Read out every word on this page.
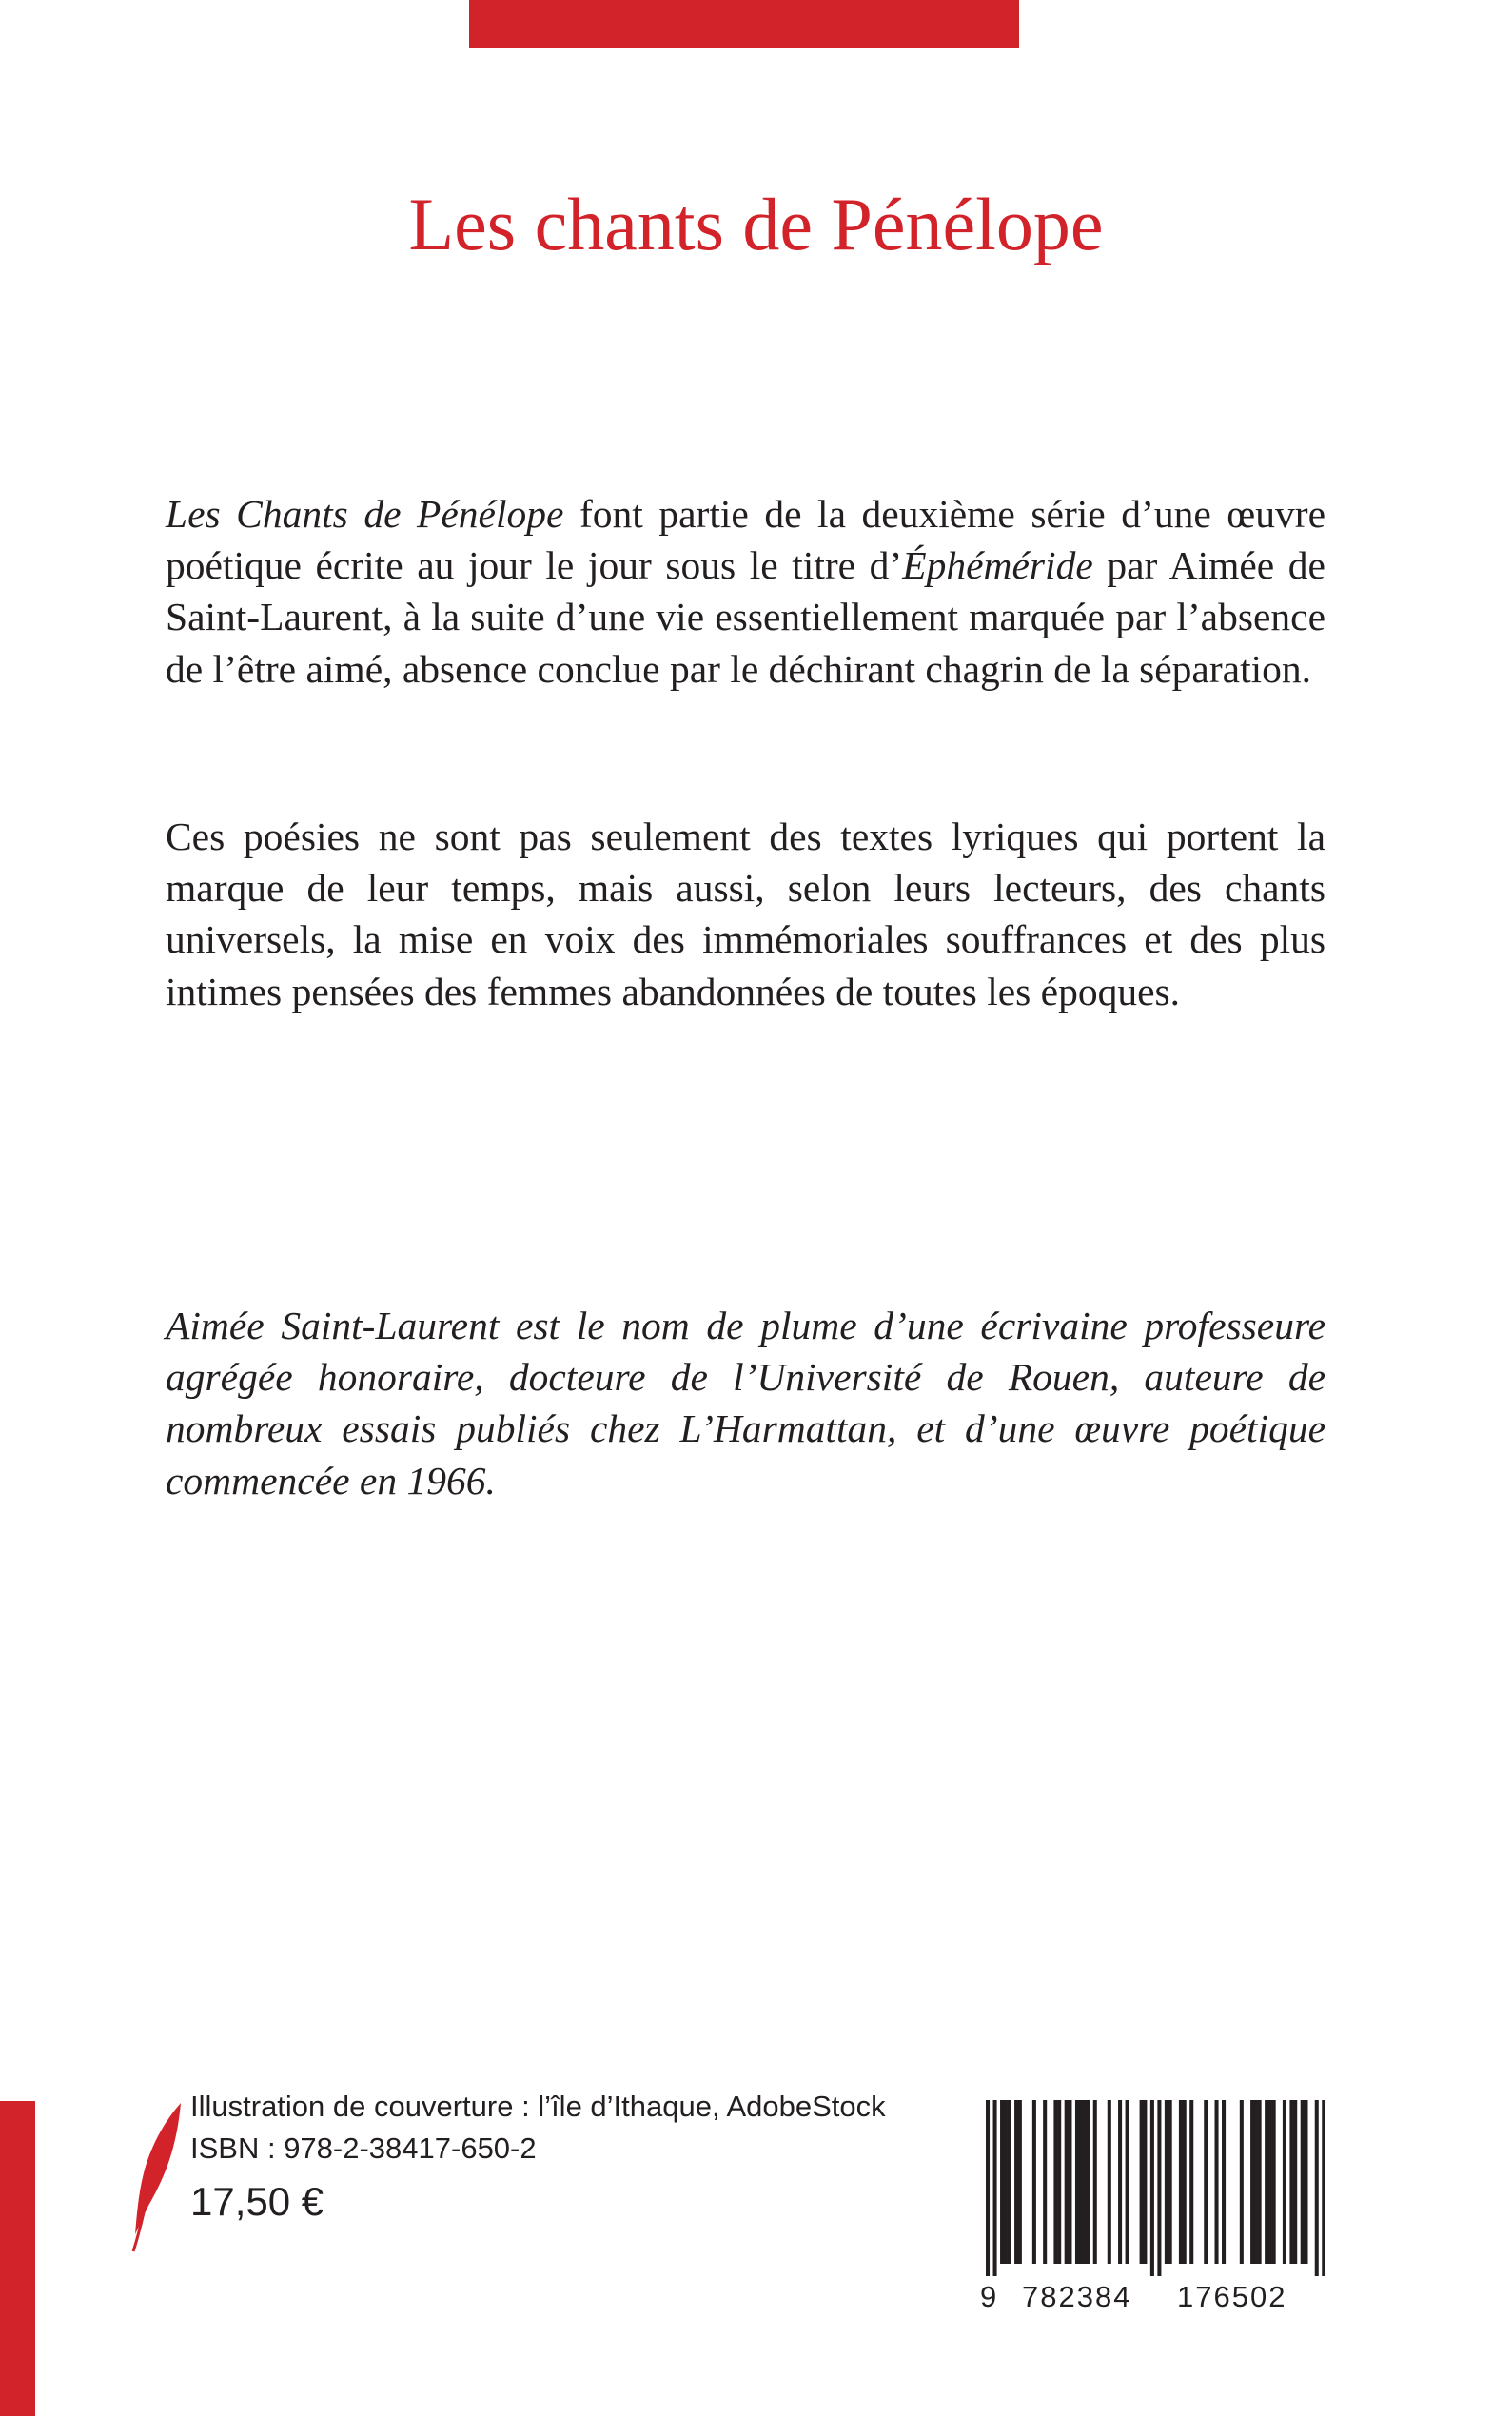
Les chants de Pénélope

Les Chants de Pénélope font partie de la deuxième série d’une œuvre poétique écrite au jour le jour sous le titre d’Éphéméride par Aimée de Saint-Laurent, à la suite d’une vie essentiellement marquée par l’absence de l’être aimé, absence conclue par le déchirant chagrin de la séparation.

Ces poésies ne sont pas seulement des textes lyriques qui portent la marque de leur temps, mais aussi, selon leurs lecteurs, des chants universels, la mise en voix des immémoriales souffrances et des plus intimes pensées des femmes abandonnées de toutes les époques.

Aimée Saint-Laurent est le nom de plume d’une écrivaine professeure agrégée honoraire, docteure de l’Université de Rouen, auteure de nombreux essais publiés chez L’Harmattan, et d’une œuvre poétique commencée en 1966.

Illustration de couverture : l’île d’Ithaque, AdobeStock
ISBN : 978-2-38417-650-2
17,50 €
9 782384 176502
